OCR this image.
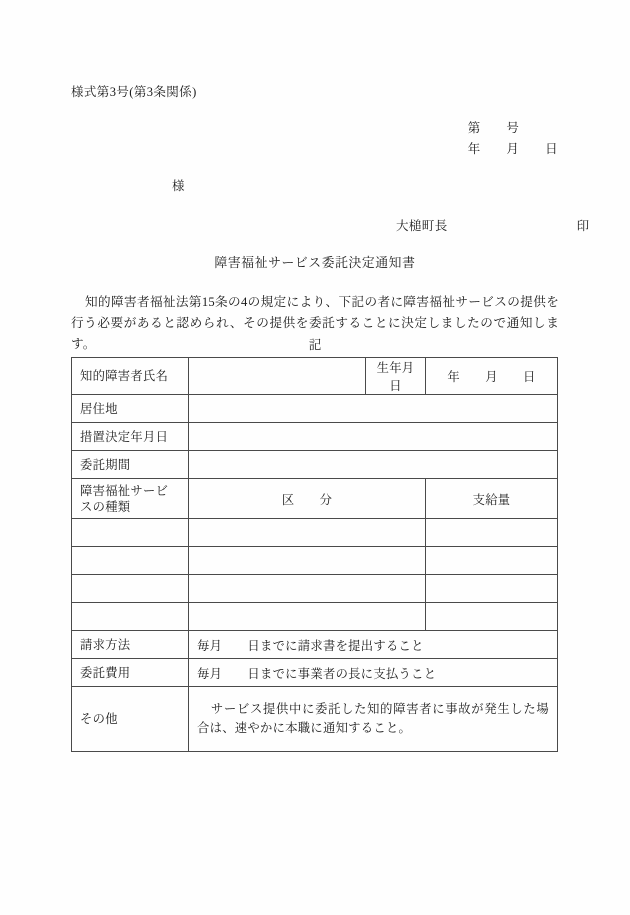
様式第3号(第3条関係)
第　　号
年　　月　　日
様
大槌町長　　　　　　　　　　印
障害福祉サービス委託決定通知書
知的障害者福祉法第15条の4の規定により、下記の者に障害福祉サービスの提供を行う必要があると認められ、その提供を委託することに決定しましたので通知します。	記
知的障害者氏名		生年月日	年　　月　　日
居住地			
措置決定年月日			
委託期間			
障害福祉サービスの種類	区　　分		支給量

請求方法	毎月　　日までに請求書を提出すること		
委託費用	毎月　　日までに事業者の長に支払うこと		
その他	サービス提供中に委託した知的障害者に事故が発生した場合は、速やかに本職に通知すること。		
